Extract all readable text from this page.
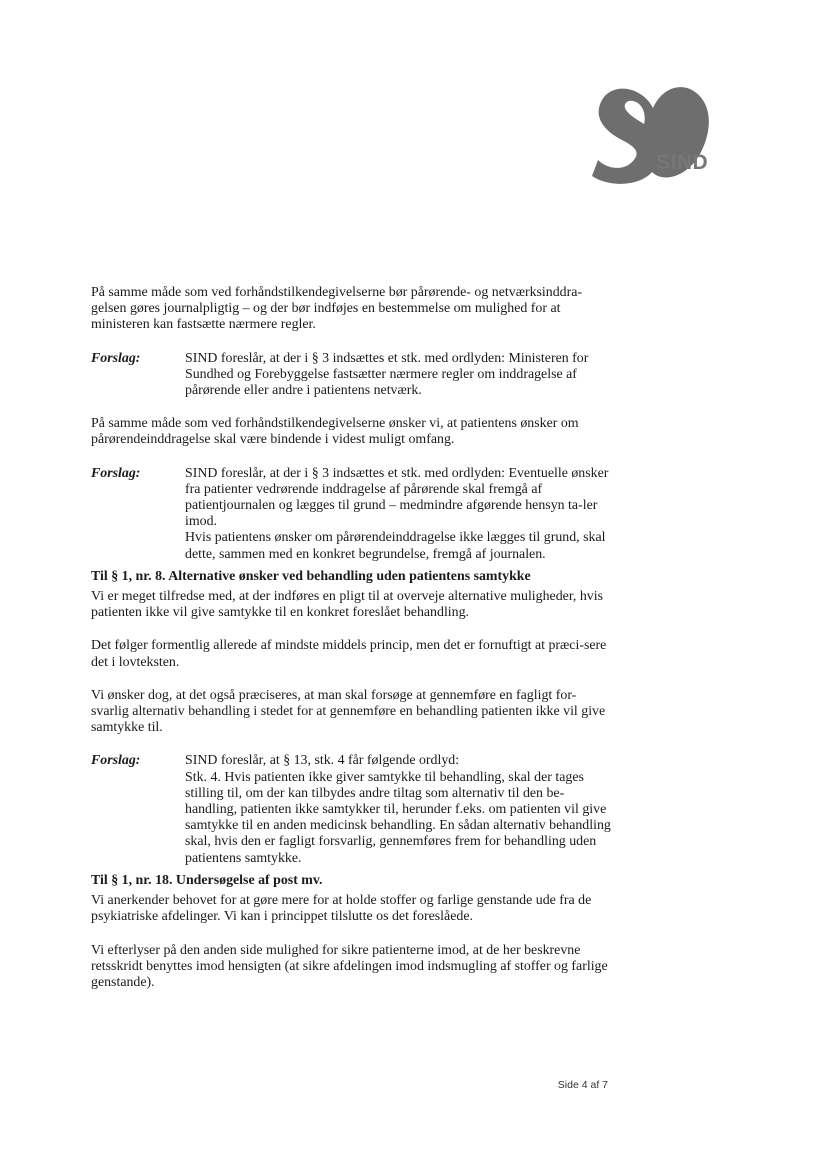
SIND

På samme måde som ved forhåndstilkendegivelserne bør pårørende- og netværksinddra-gelsen gøres journalpligtig – og der bør indføjes en bestemmelse om mulighed for at ministeren kan fastsætte nærmere regler.

Forslag:	SIND foreslår, at der i § 3 indsættes et stk. med ordlyden: Ministeren for Sundhed og Forebyggelse fastsætter nærmere regler om inddragelse af pårørende eller andre i patientens netværk.

På samme måde som ved forhåndstilkendegivelserne ønsker vi, at patientens ønsker om pårørendeinddragelse skal være bindende i videst muligt omfang.

Forslag:	SIND foreslår, at der i § 3 indsættes et stk. med ordlyden: Eventuelle ønsker fra patienter vedrørende inddragelse af pårørende skal fremgå af patientjournalen og lægges til grund – medmindre afgørende hensyn ta-ler imod.

Hvis patientens ønsker om pårørendeinddragelse ikke lægges til grund, skal dette, sammen med en konkret begrundelse, fremgå af journalen.

Til § 1, nr. 8. Alternative ønsker ved behandling uden patientens samtykke

Vi er meget tilfredse med, at der indføres en pligt til at overveje alternative muligheder, hvis patienten ikke vil give samtykke til en konkret foreslået behandling.

Det følger formentlig allerede af mindste middels princip, men det er fornuftigt at præci-sere det i lovteksten.

Vi ønsker dog, at det også præciseres, at man skal forsøge at gennemføre en fagligt for-svarlig alternativ behandling i stedet for at gennemføre en behandling patienten ikke vil give samtykke til.

Forslag:	SIND foreslår, at § 13, stk. 4 får følgende ordlyd:

Stk. 4. Hvis patienten ikke giver samtykke til behandling, skal der tages stilling til, om der kan tilbydes andre tiltag som alternativ til den be-handling, patienten ikke samtykker til, herunder f.eks. om patienten vil give samtykke til en anden medicinsk behandling. En sådan alternativ behandling skal, hvis den er fagligt forsvarlig, gennemføres frem for behandling uden patientens samtykke.

Til § 1, nr. 18. Undersøgelse af post mv.

Vi anerkender behovet for at gøre mere for at holde stoffer og farlige genstande ude fra de psykiatriske afdelinger. Vi kan i princippet tilslutte os det foreslåede.

Vi efterlyser på den anden side mulighed for sikre patienterne imod, at de her beskrevne retsskridt benyttes imod hensigten (at sikre afdelingen imod indsmugling af stoffer og farlige genstande).

Side 4 af 7
